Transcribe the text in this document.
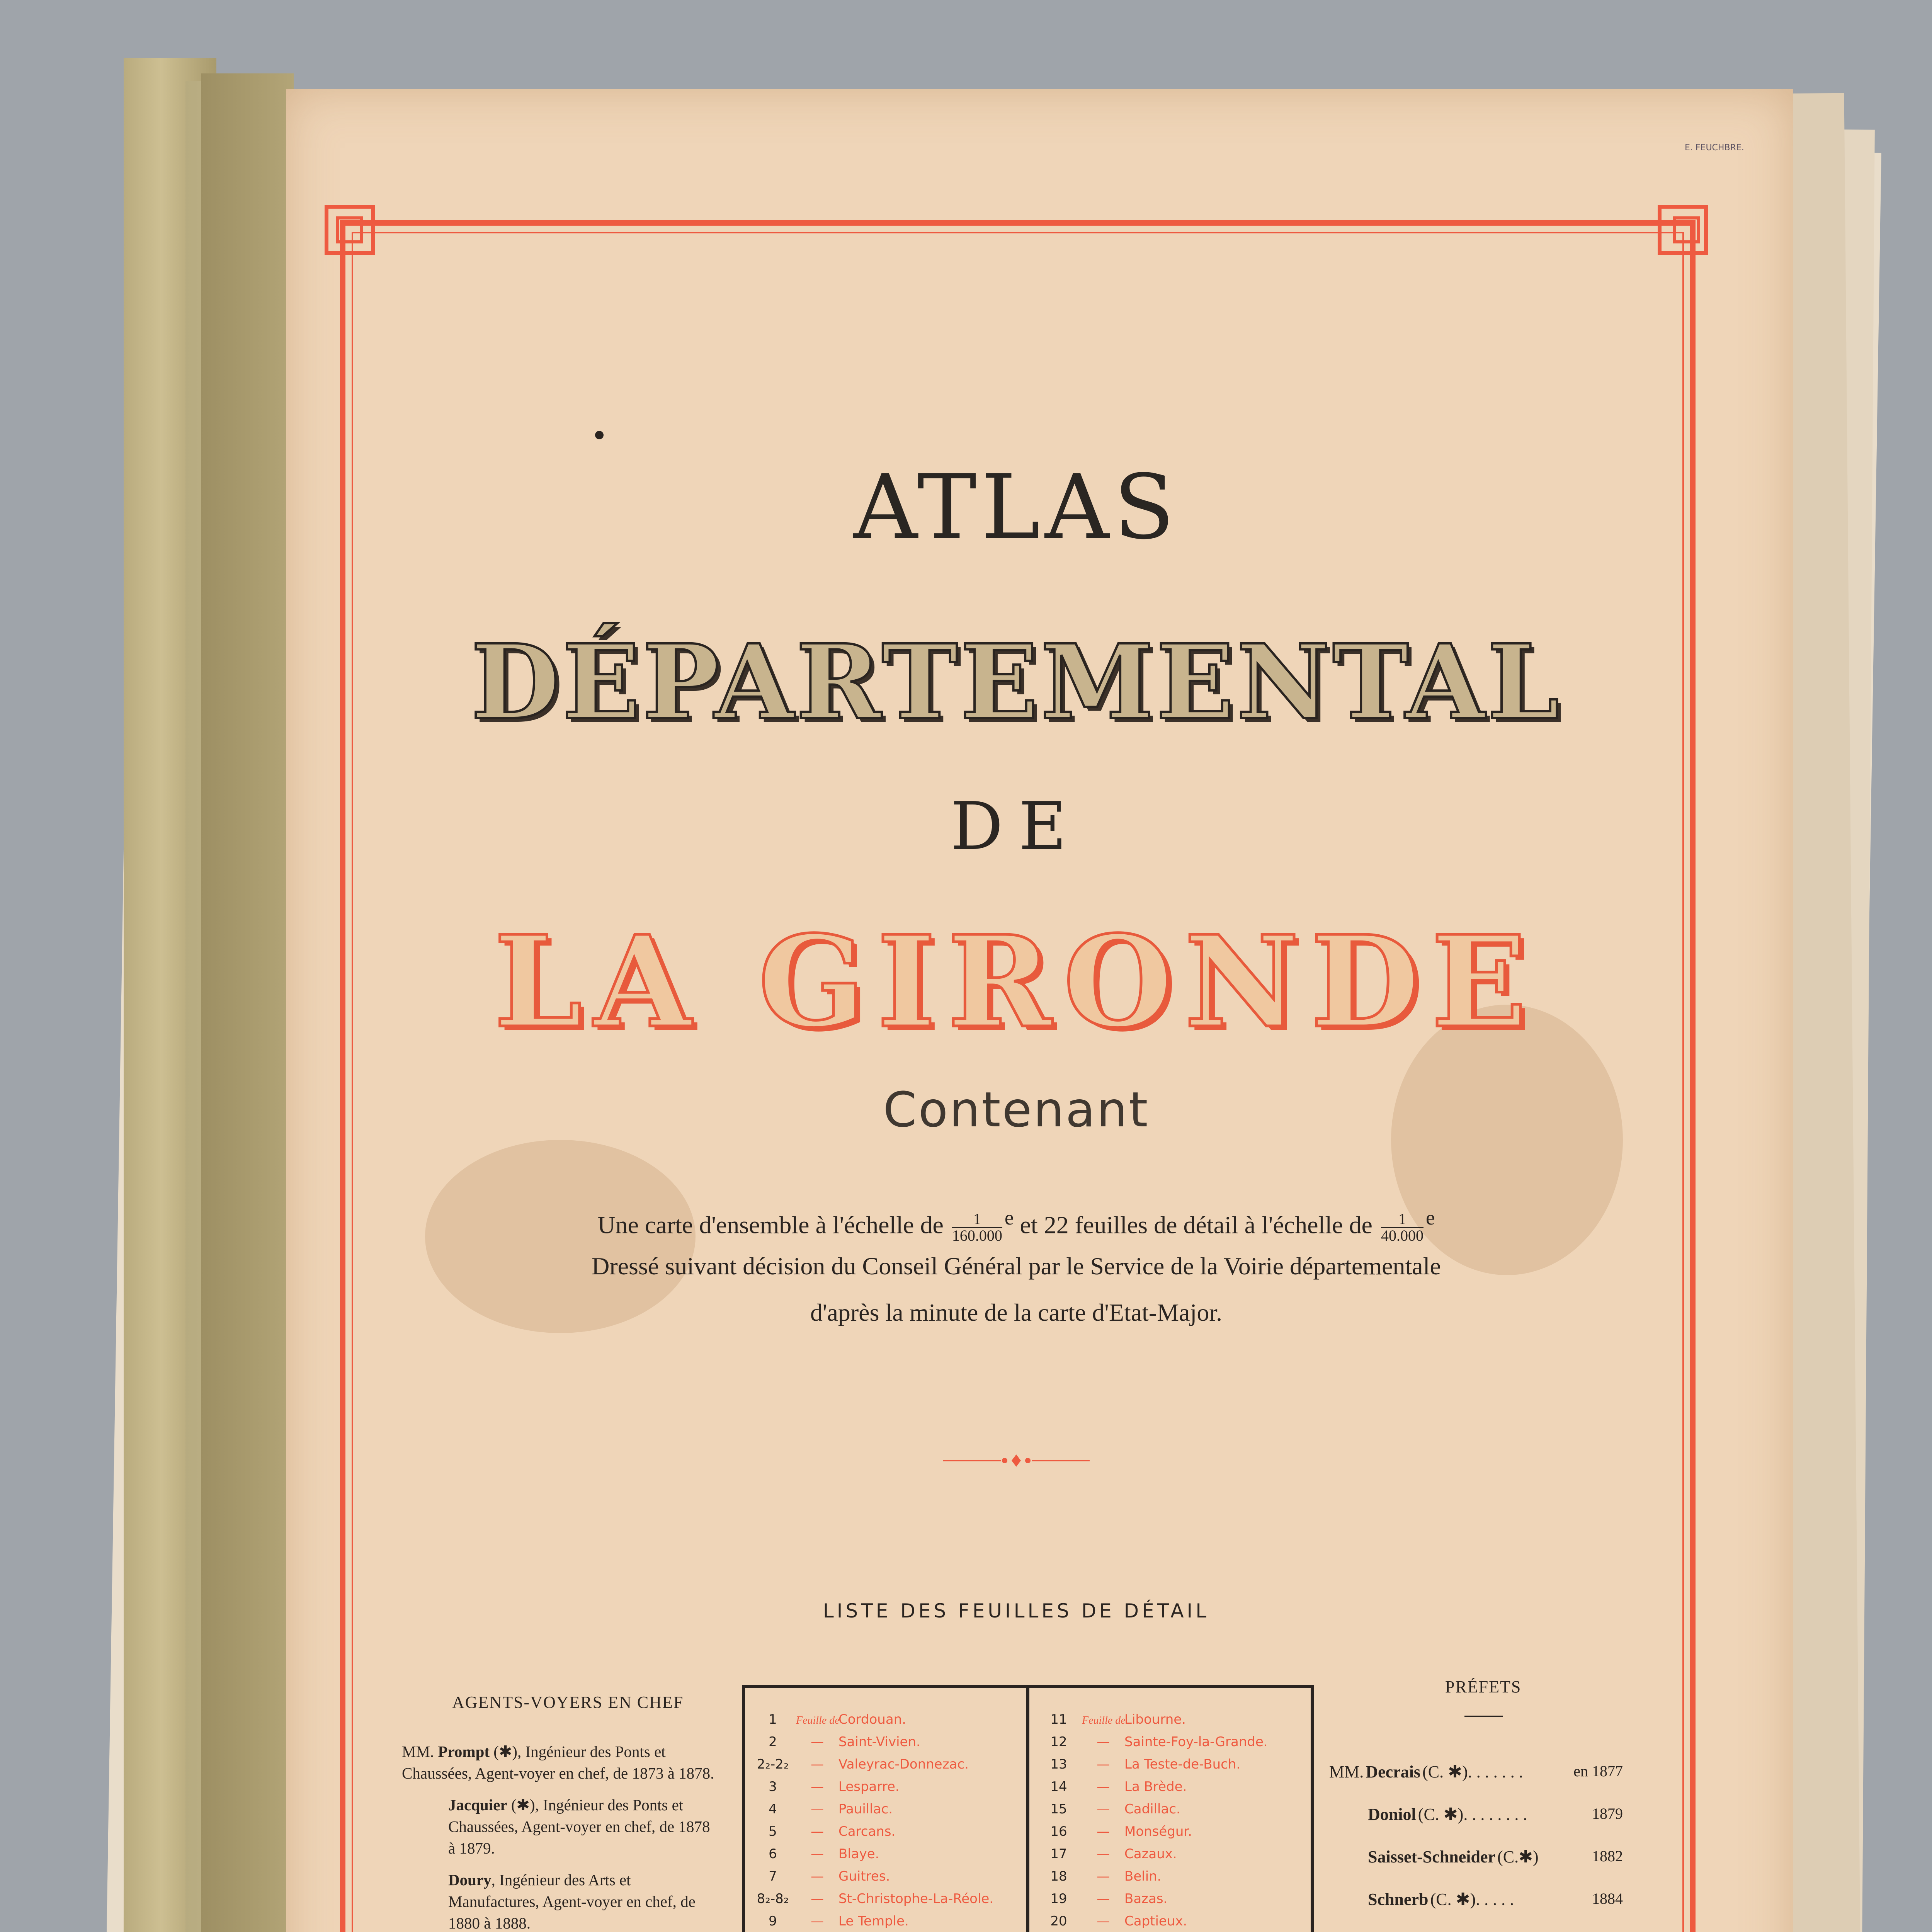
E. FEUCHBRE.
ATLAS
DÉPARTEMENTAL
DE
LA GIRONDE
Contenant
Une carte d'ensemble à l'échelle de $\frac{1}{160.000} ^e$ et 22 feuilles de détail à l'échelle de $\frac{1}{40.000} ^e$
Dressé suivant décision du Conseil Général par le Service de la Voirie départementale
d'après la minute de la carte d'Etat-Major.
LISTE DES FEUILLES DE DÉTAIL
AGENTS-VOYERS EN CHEF
MM. Prompt (✱), Ingénieur des Ponts et Chaussées, Agent-voyer en chef, de 1873 à 1878.
Jacquier (✱), Ingénieur des Ponts et Chaussées, Agent-voyer en chef, de 1878 à 1879.
Doury, Ingénieur des Arts et Manufactures, Agent-voyer en chef, de 1880 à 1888.
1 Feuille deCordouan.
2	— Saint-Vivien.
2₂-2₂ — Valeyrac-Donnezac.
3	— Lesparre.
4	— Pauillac.
5	— Carcans.
6	— Blaye.
7	— Guitres.
8₂-8₂ — St-Christophe-La-Réole.
9	— Le Temple.
11 Feuille deLibourne.
12 — Sainte-Foy-la-Grande.
13 — La Teste-de-Buch.
14 — La Brède.
15 — Cadillac.
16 — Monségur.
17 — Cazaux.
18 — Belin.
19 — Bazas.
20 — Captieux.
PRÉFETS
MM. Decrais (C. ✱). . . . . . .	en 1877
Doniol (C. ✱). . . . . . . .	1879
Saisset-Schneider (C.✱)	1882
Schnerb (C. ✱). . . . .	1884
